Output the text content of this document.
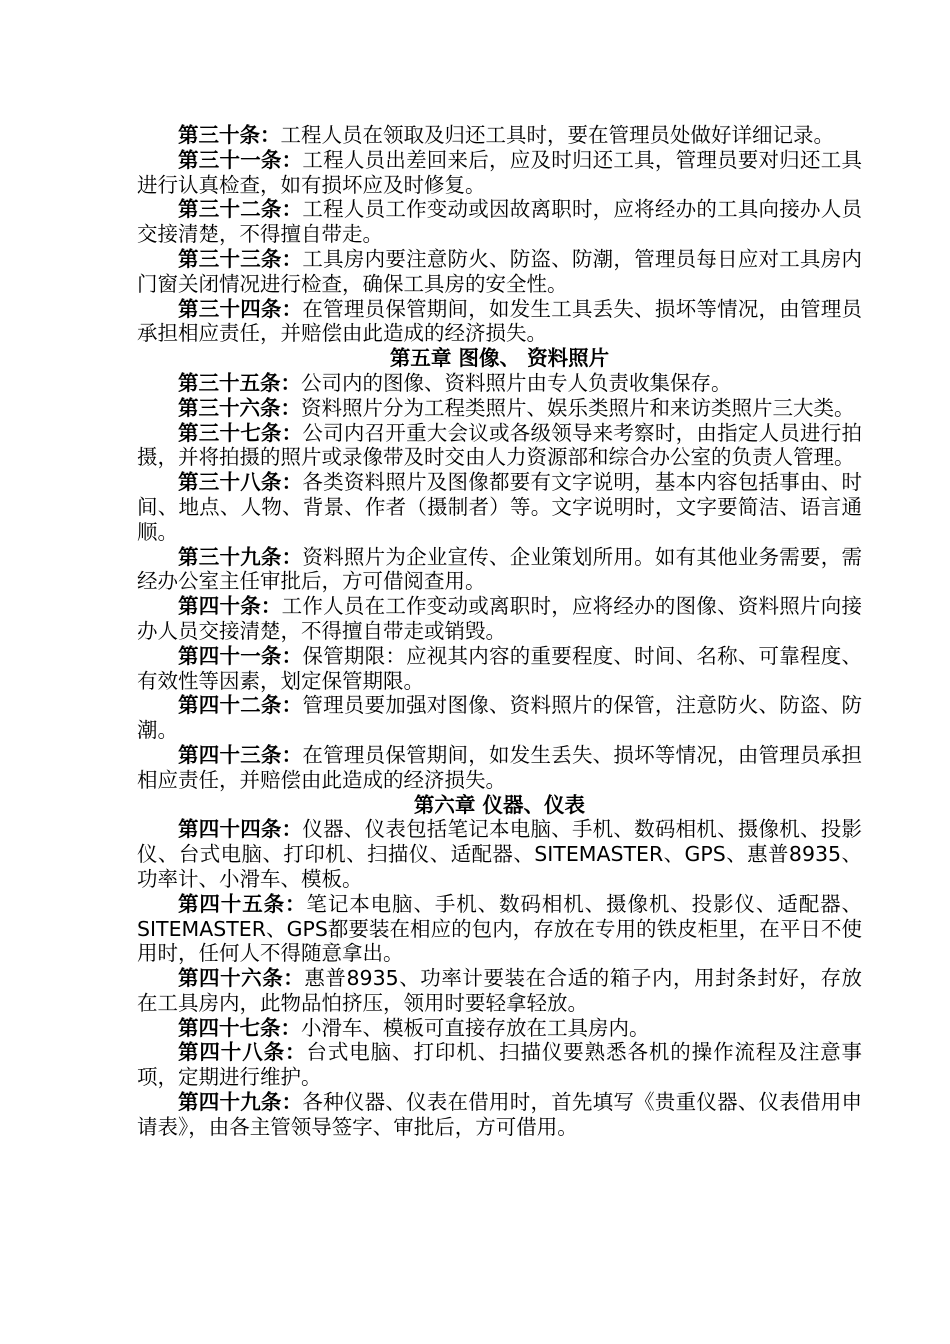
第三十条：工程人员在领取及归还工具时，要在管理员处做好详细记录。

第三十一条：工程人员出差回来后，应及时归还工具，管理员要对归还工具进行认真检查，如有损坏应及时修复。

第三十二条：工程人员工作变动或因故离职时，应将经办的工具向接办人员交接清楚，不得擅自带走。

第三十三条：工具房内要注意防火、防盗、防潮，管理员每日应对工具房内门窗关闭情况进行检查，确保工具房的安全性。

第三十四条：在管理员保管期间，如发生工具丢失、损坏等情况，由管理员承担相应责任，并赔偿由此造成的经济损失。

第五章 图像、 资料照片

第三十五条：公司内的图像、资料照片由专人负责收集保存。

第三十六条：资料照片分为工程类照片、娱乐类照片和来访类照片三大类。

第三十七条：公司内召开重大会议或各级领导来考察时，由指定人员进行拍摄，并将拍摄的照片或录像带及时交由人力资源部和综合办公室的负责人管理。

第三十八条：各类资料照片及图像都要有文字说明，基本内容包括事由、时间、地点、人物、背景、作者（摄制者）等。文字说明时，文字要简洁、语言通顺。

第三十九条：资料照片为企业宣传、企业策划所用。如有其他业务需要，需经办公室主任审批后，方可借阅查用。

第四十条：工作人员在工作变动或离职时，应将经办的图像、资料照片向接办人员交接清楚，不得擅自带走或销毁。

第四十一条：保管期限：应视其内容的重要程度、时间、名称、可靠程度、有效性等因素，划定保管期限。

第四十二条：管理员要加强对图像、资料照片的保管，注意防火、防盗、防潮。

第四十三条：在管理员保管期间，如发生丢失、损坏等情况，由管理员承担相应责任，并赔偿由此造成的经济损失。

第六章 仪器、仪表

第四十四条：仪器、仪表包括笔记本电脑、手机、数码相机、摄像机、投影仪、台式电脑、打印机、扫描仪、适配器、SITEMASTER、GPS、惠普8935、功率计、小滑车、模板。

第四十五条：笔记本电脑、手机、数码相机、摄像机、投影仪、适配器、SITEMASTER、GPS都要装在相应的包内，存放在专用的铁皮柜里，在平日不使用时，任何人不得随意拿出。

第四十六条：惠普8935、功率计要装在合适的箱子内，用封条封好，存放在工具房内，此物品怕挤压，领用时要轻拿轻放。

第四十七条：小滑车、模板可直接存放在工具房内。

第四十八条：台式电脑、打印机、扫描仪要熟悉各机的操作流程及注意事项，定期进行维护。

第四十九条：各种仪器、仪表在借用时，首先填写《贵重仪器、仪表借用申请表》，由各主管领导签字、审批后，方可借用。
